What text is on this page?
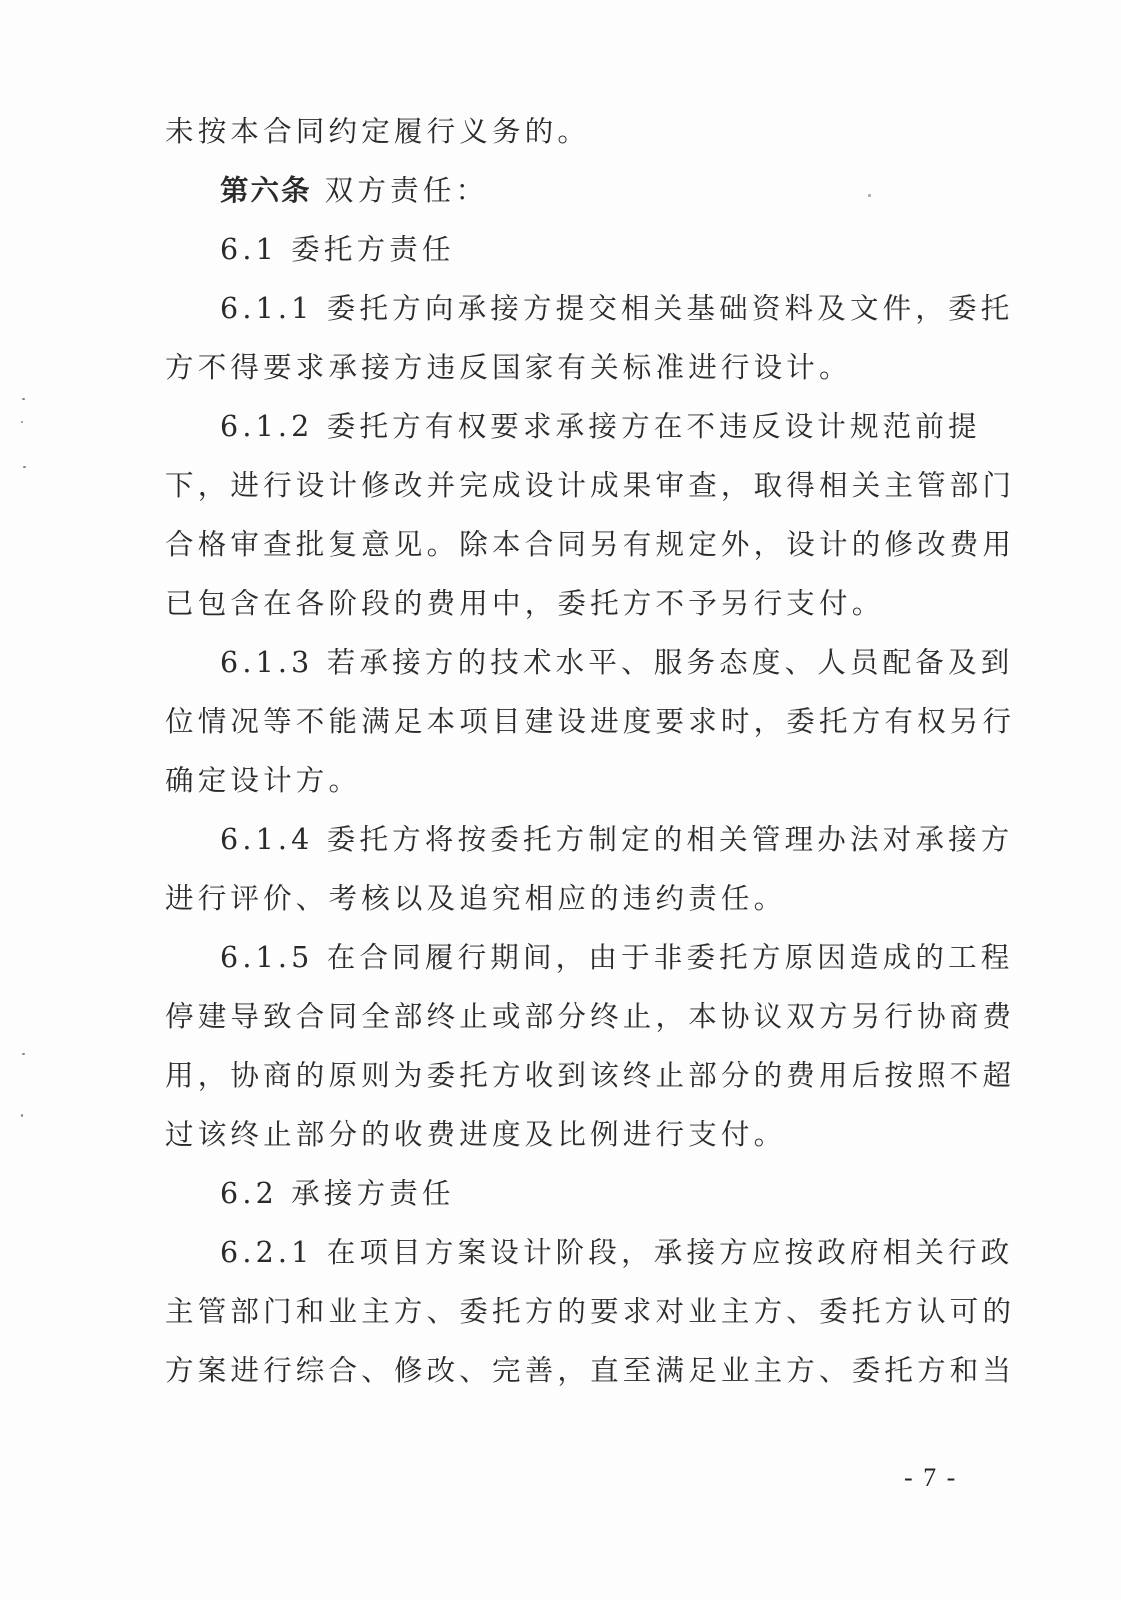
未按本合同约定履行义务的。
第六条 双方责任：
6.1 委托方责任
6.1.1 委托方向承接方提交相关基础资料及文件，委托
方不得要求承接方违反国家有关标准进行设计。
6.1.2 委托方有权要求承接方在不违反设计规范前提
下，进行设计修改并完成设计成果审查，取得相关主管部门
合格审查批复意见。除本合同另有规定外，设计的修改费用
已包含在各阶段的费用中，委托方不予另行支付。
6.1.3 若承接方的技术水平、服务态度、人员配备及到
位情况等不能满足本项目建设进度要求时，委托方有权另行
确定设计方。
6.1.4 委托方将按委托方制定的相关管理办法对承接方
进行评价、考核以及追究相应的违约责任。
6.1.5 在合同履行期间，由于非委托方原因造成的工程
停建导致合同全部终止或部分终止，本协议双方另行协商费
用，协商的原则为委托方收到该终止部分的费用后按照不超
过该终止部分的收费进度及比例进行支付。
6.2 承接方责任
6.2.1 在项目方案设计阶段，承接方应按政府相关行政
主管部门和业主方、委托方的要求对业主方、委托方认可的
方案进行综合、修改、完善，直至满足业主方、委托方和当
- 7 -
